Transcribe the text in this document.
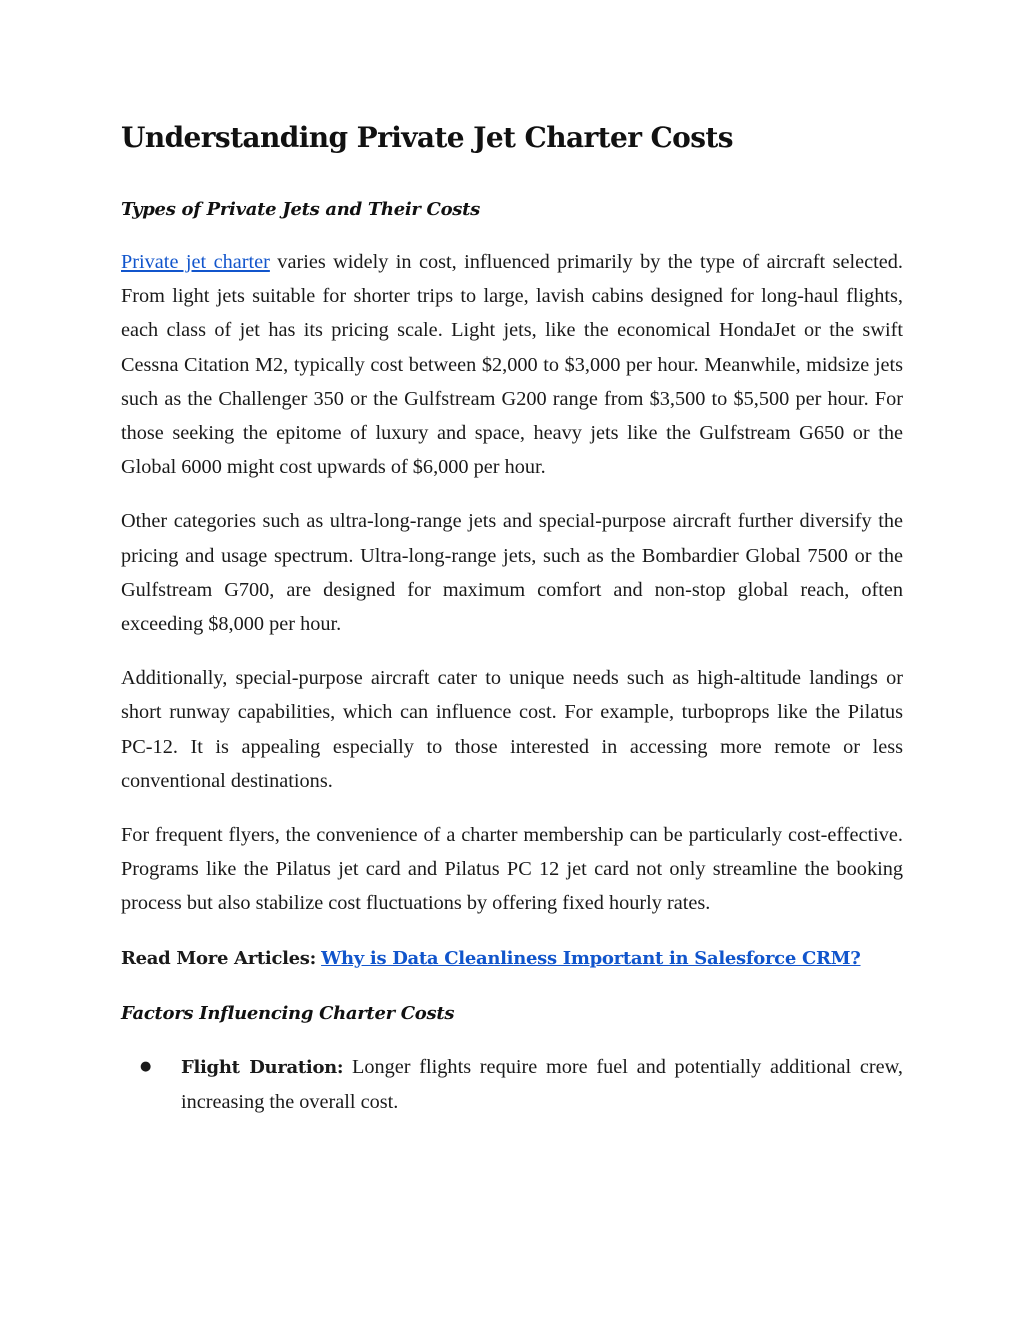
Understanding Private Jet Charter Costs
Types of Private Jets and Their Costs

Private jet charter varies widely in cost, influenced primarily by the type of aircraft selected. From light jets suitable for shorter trips to large, lavish cabins designed for long-haul flights, each class of jet has its pricing scale. Light jets, like the economical HondaJet or the swift Cessna Citation M2, typically cost between $2,000 to $3,000 per hour. Meanwhile, midsize jets such as the Challenger 350 or the Gulfstream G200 range from $3,500 to $5,500 per hour. For those seeking the epitome of luxury and space, heavy jets like the Gulfstream G650 or the Global 6000 might cost upwards of $6,000 per hour.

Other categories such as ultra-long-range jets and special-purpose aircraft further diversify the pricing and usage spectrum. Ultra-long-range jets, such as the Bombardier Global 7500 or the Gulfstream G700, are designed for maximum comfort and non-stop global reach, often exceeding $8,000 per hour.

Additionally, special-purpose aircraft cater to unique needs such as high-altitude landings or short runway capabilities, which can influence cost. For example, turboprops like the Pilatus PC-12. It is appealing especially to those interested in accessing more remote or less conventional destinations.

For frequent flyers, the convenience of a charter membership can be particularly cost-effective. Programs like the Pilatus jet card and Pilatus PC 12 jet card not only streamline the booking process but also stabilize cost fluctuations by offering fixed hourly rates.

Read More Articles: Why is Data Cleanliness Important in Salesforce CRM?

Factors Influencing Charter Costs
● Flight Duration: Longer flights require more fuel and potentially additional crew, increasing the overall cost.
